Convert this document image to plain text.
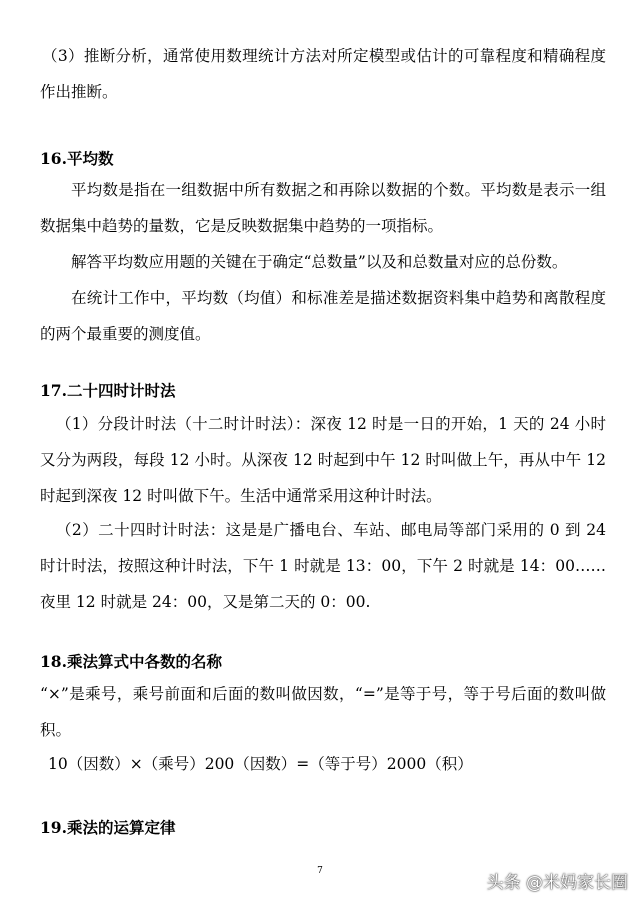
（3）推断分析，通常使用数理统计方法对所定模型或估计的可靠程度和精确程度作出推断。

16.平均数

平均数是指在一组数据中所有数据之和再除以数据的个数。平均数是表示一组数据集中趋势的量数，它是反映数据集中趋势的一项指标。

解答平均数应用题的关键在于确定“总数量”以及和总数量对应的总份数。

在统计工作中，平均数（均值）和标准差是描述数据资料集中趋势和离散程度的两个最重要的测度值。

17.二十四时计时法

（1）分段计时法（十二时计时法）：深夜 12 时是一日的开始，1 天的 24 小时又分为两段，每段 12 小时。从深夜 12 时起到中午 12 时叫做上午，再从中午 12 时起到深夜 12 时叫做下午。生活中通常采用这种计时法。

（2）二十四时计时法：这是是广播电台、车站、邮电局等部门采用的 0 到 24 时计时法，按照这种计时法，下午 1 时就是 13：00，下午 2 时就是 14：00……夜里 12 时就是 24：00，又是第二天的 0：00.

18.乘法算式中各数的名称

“×”是乘号，乘号前面和后面的数叫做因数，“=”是等于号，等于号后面的数叫做积。

10（因数）×（乘号）200（因数）=（等于号）2000（积）

19.乘法的运算定律
7
头条 @米妈家长圈
